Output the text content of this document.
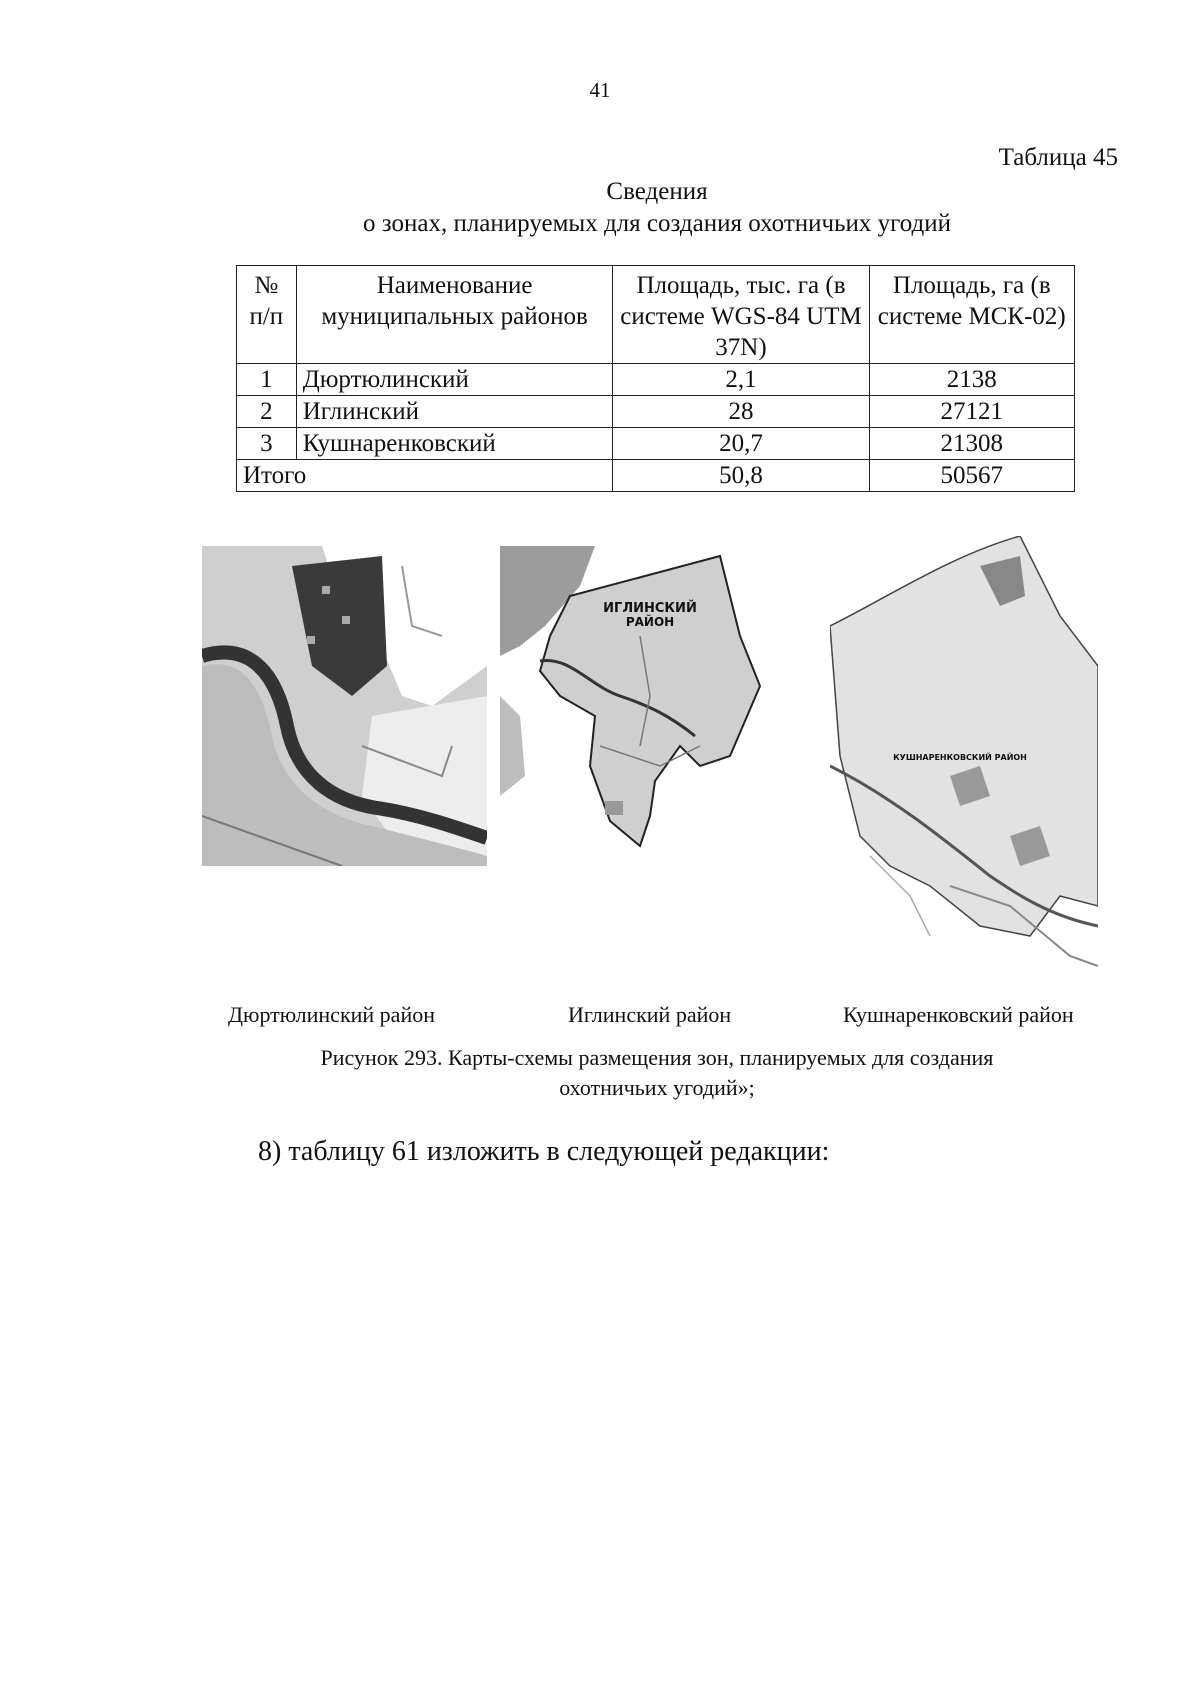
41
Таблица 45
Сведения
о зонах, планируемых для создания охотничьих угодий
№ п/п	Наименование муниципальных районов	Площадь, тыс. га (в системе WGS-84 UTM 37N)	Площадь, га (в системе МСК-02)
1	Дюртюлинский	2,1	2138
2	Иглинский	28	27121
3	Кушнаренковский	20,7	21308
Итого		50,8	50567
ИГЛИНСКИЙ
РАЙОН
КУШНАРЕНКОВСКИЙ РАЙОН
Дюртюлинский район	Иглинский район	Кушнаренковский район
Рисунок 293. Карты-схемы размещения зон, планируемых для создания
охотничьих угодий»;
8) таблицу 61 изложить в следующей редакции:
